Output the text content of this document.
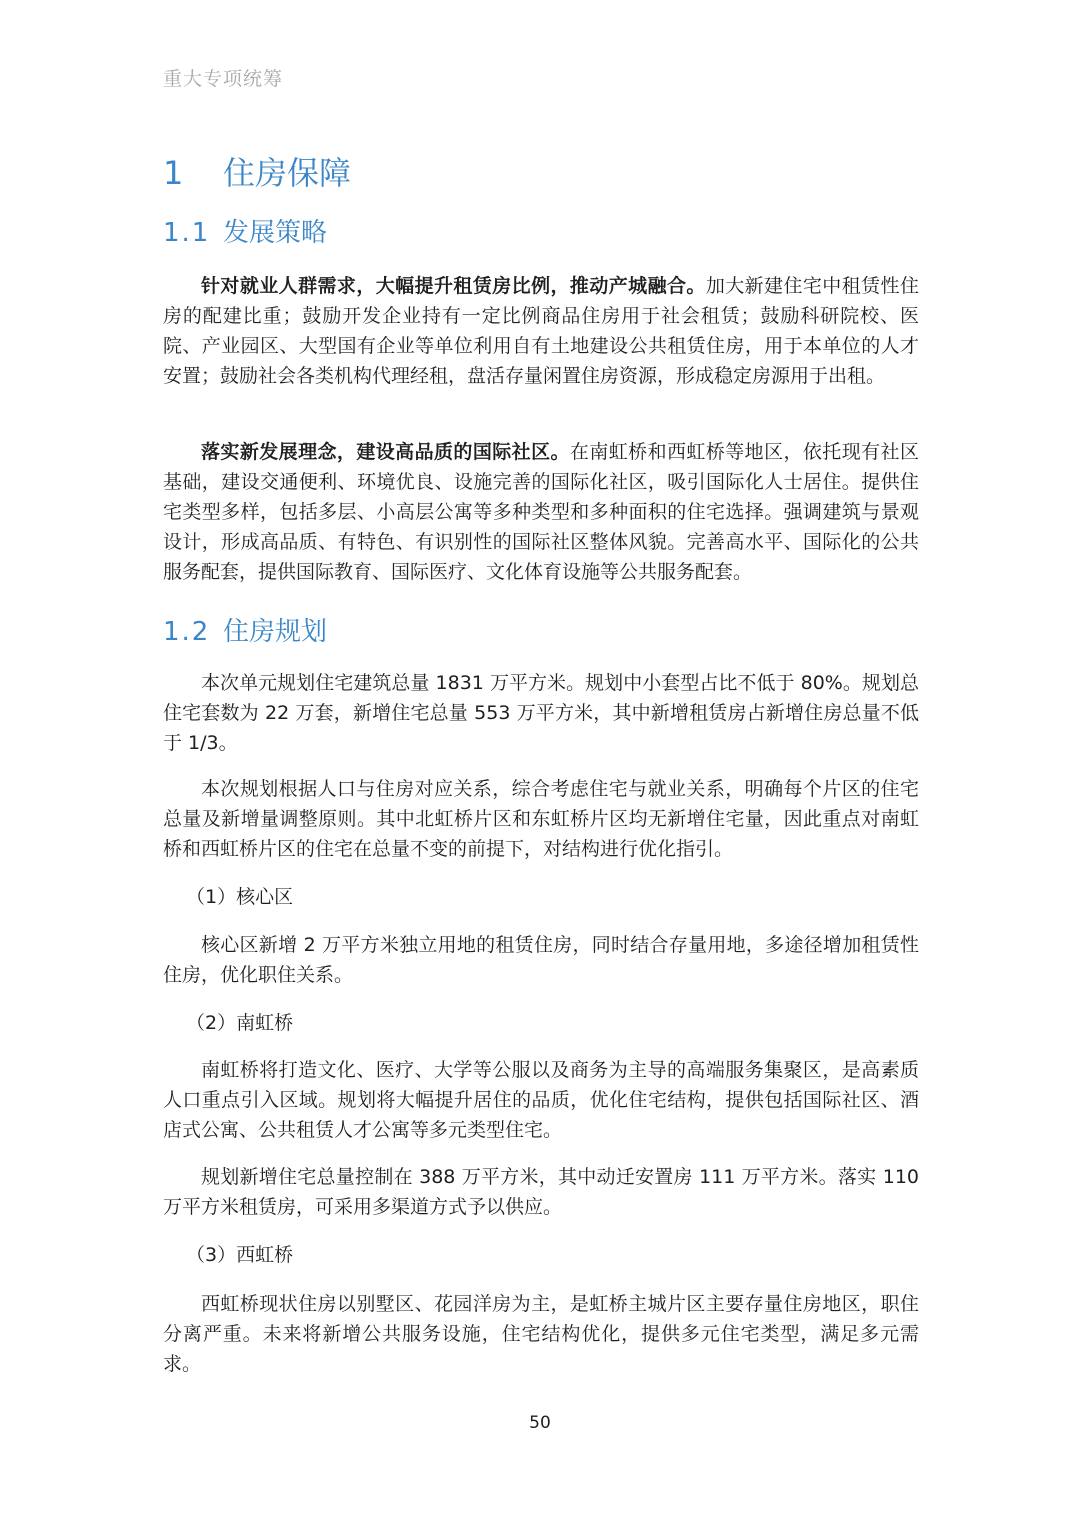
重大专项统筹
1 住房保障
1.1 发展策略

针对就业人群需求，大幅提升租赁房比例，推动产城融合。加大新建住宅中租赁性住房的配建比重；鼓励开发企业持有一定比例商品住房用于社会租赁；鼓励科研院校、医院、产业园区、大型国有企业等单位利用自有土地建设公共租赁住房，用于本单位的人才安置；鼓励社会各类机构代理经租，盘活存量闲置住房资源，形成稳定房源用于出租。

落实新发展理念，建设高品质的国际社区。在南虹桥和西虹桥等地区，依托现有社区基础，建设交通便利、环境优良、设施完善的国际化社区，吸引国际化人士居住。提供住宅类型多样，包括多层、小高层公寓等多种类型和多种面积的住宅选择。强调建筑与景观设计，形成高品质、有特色、有识别性的国际社区整体风貌。完善高水平、国际化的公共服务配套，提供国际教育、国际医疗、文化体育设施等公共服务配套。

1.2 住房规划

本次单元规划住宅建筑总量 1831 万平方米。规划中小套型占比不低于 80%。规划总住宅套数为 22 万套，新增住宅总量 553 万平方米，其中新增租赁房占新增住房总量不低于 1/3。

本次规划根据人口与住房对应关系，综合考虑住宅与就业关系，明确每个片区的住宅总量及新增量调整原则。其中北虹桥片区和东虹桥片区均无新增住宅量，因此重点对南虹桥和西虹桥片区的住宅在总量不变的前提下，对结构进行优化指引。

（1）核心区

核心区新增 2 万平方米独立用地的租赁住房，同时结合存量用地，多途径增加租赁性住房，优化职住关系。

（2）南虹桥

南虹桥将打造文化、医疗、大学等公服以及商务为主导的高端服务集聚区，是高素质人口重点引入区域。规划将大幅提升居住的品质，优化住宅结构，提供包括国际社区、酒店式公寓、公共租赁人才公寓等多元类型住宅。

规划新增住宅总量控制在 388 万平方米，其中动迁安置房 111 万平方米。落实 110 万平方米租赁房，可采用多渠道方式予以供应。

（3）西虹桥

西虹桥现状住房以别墅区、花园洋房为主，是虹桥主城片区主要存量住房地区，职住分离严重。未来将新增公共服务设施，住宅结构优化，提供多元住宅类型，满足多元需求。

50
